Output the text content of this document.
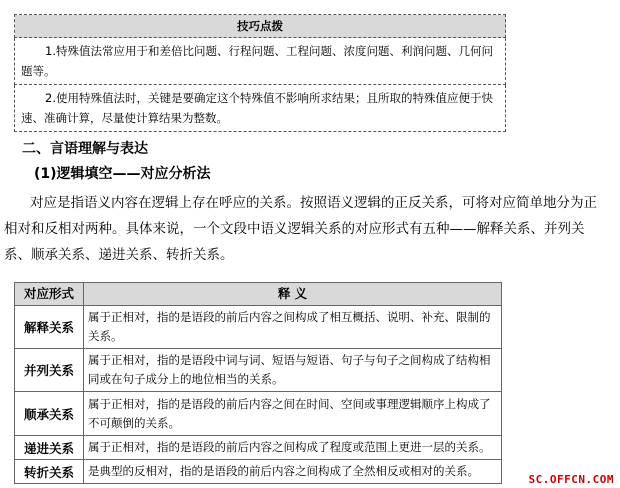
技巧点拨
1.特殊值法常应用于和差倍比问题、行程问题、工程问题、浓度问题、利润问题、几何问题等。
2.使用特殊值法时，关键是要确定这个特殊值不影响所求结果；且所取的特殊值应便于快速、准确计算，尽量使计算结果为整数。
二、言语理解与表达
(1)逻辑填空——对应分析法

对应是指语义内容在逻辑上存在呼应的关系。按照语义逻辑的正反关系，可将对应简单地分为正相对和反相对两种。具体来说，一个文段中语义逻辑关系的对应形式有五种——解释关系、并列关系、顺承关系、递进关系、转折关系。

对应形式	释 义
解释关系	属于正相对，指的是语段的前后内容之间构成了相互概括、说明、补充、限制的关系。
并列关系	属于正相对，指的是语段中词与词、短语与短语、句子与句子之间构成了结构相同或在句子成分上的地位相当的关系。
顺承关系	属于正相对，指的是语段的前后内容之间在时间、空间或事理逻辑顺序上构成了不可颠倒的关系。
递进关系	属于正相对，指的是语段的前后内容之间构成了程度或范围上更进一层的关系。
转折关系	是典型的反相对，指的是语段的前后内容之间构成了全然相反或相对的关系。
SC.OFFCN.COM
